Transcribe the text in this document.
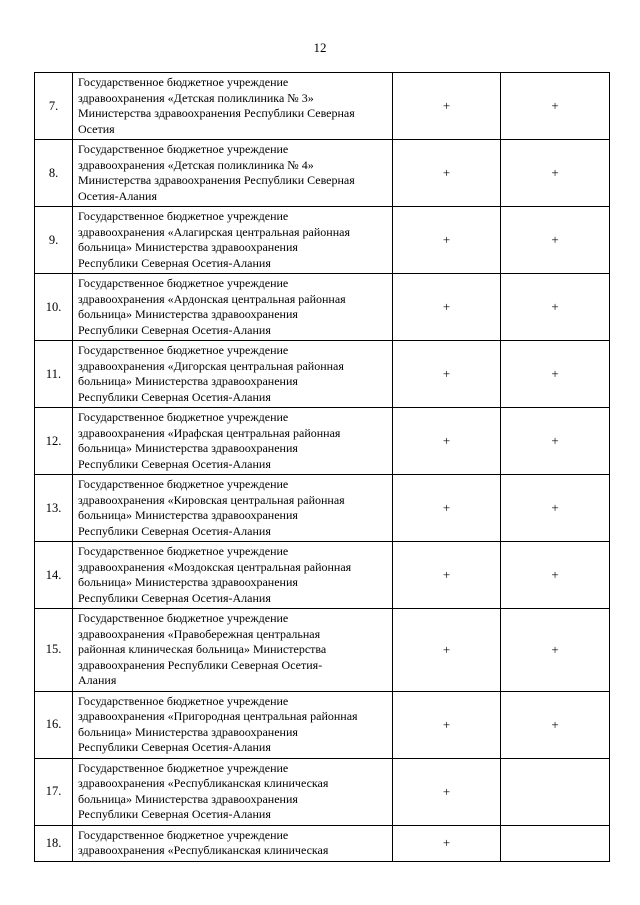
12
7.	Государственное бюджетное учреждение
здравоохранения «Детская поликлиника № 3»
Министерства здравоохранения Республики Северная
Осетия	+	+
8.	Государственное бюджетное учреждение
здравоохранения «Детская поликлиника № 4»
Министерства здравоохранения Республики Северная
Осетия-Алания	+	+
9.	Государственное бюджетное учреждение
здравоохранения «Алагирская центральная районная
больница» Министерства здравоохранения
Республики Северная Осетия-Алания	+	+
10.	Государственное бюджетное учреждение
здравоохранения «Ардонская центральная районная
больница» Министерства здравоохранения
Республики Северная Осетия-Алания	+	+
11.	Государственное бюджетное учреждение
здравоохранения «Дигорская центральная районная
больница» Министерства здравоохранения
Республики Северная Осетия-Алания	+	+
12.	Государственное бюджетное учреждение
здравоохранения «Ирафская центральная районная
больница» Министерства здравоохранения
Республики Северная Осетия-Алания	+	+
13.	Государственное бюджетное учреждение
здравоохранения «Кировская центральная районная
больница» Министерства здравоохранения
Республики Северная Осетия-Алания	+	+
14.	Государственное бюджетное учреждение
здравоохранения «Моздокская центральная районная
больница» Министерства здравоохранения
Республики Северная Осетия-Алания	+	+
15.	Государственное бюджетное учреждение
здравоохранения «Правобережная центральная
районная клиническая больница» Министерства
здравоохранения Республики Северная Осетия-
Алания	+	+
16.	Государственное бюджетное учреждение
здравоохранения «Пригородная центральная районная
больница» Министерства здравоохранения
Республики Северная Осетия-Алания	+	+
17.	Государственное бюджетное учреждение
здравоохранения «Республиканская клиническая
больница» Министерства здравоохранения
Республики Северная Осетия-Алания	+	
18.	Государственное бюджетное учреждение
здравоохранения «Республиканская клиническая	+	
